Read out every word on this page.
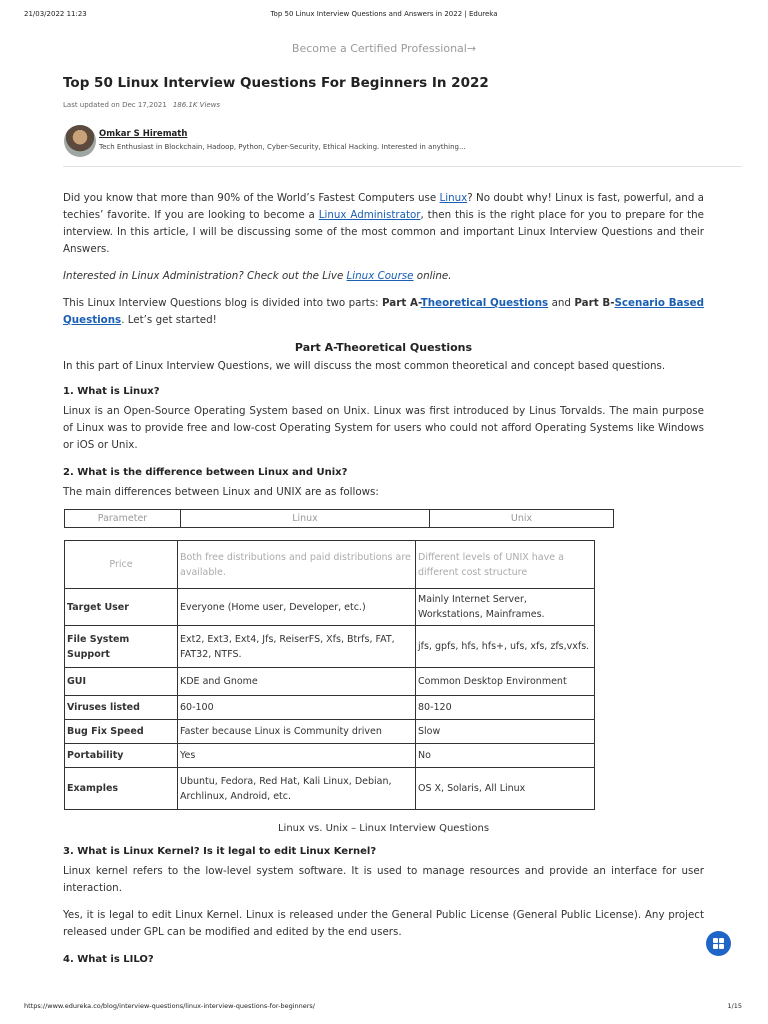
21/03/2022 11:23	Top 50 Linux Interview Questions and Answers in 2022 | Edureka
Become a Certified Professional→
Top 50 Linux Interview Questions For Beginners In 2022
Last updated on Dec 17,2021 186.1K Views
Omkar S Hiremath
Tech Enthusiast in Blockchain, Hadoop, Python, Cyber-Security, Ethical Hacking. Interested in anything...

Did you know that more than 90% of the World’s Fastest Computers use Linux? No doubt why! Linux is fast, powerful, and a techies’ favorite. If you are looking to become a Linux Administrator, then this is the right place for you to prepare for the interview. In this article, I will be discussing some of the most common and important Linux Interview Questions and their Answers.

Interested in Linux Administration? Check out the Live Linux Course online.

This Linux Interview Questions blog is divided into two parts: Part A-Theoretical Questions and Part B-Scenario Based Questions. Let’s get started!

Part A-Theoretical Questions
In this part of Linux Interview Questions, we will discuss the most common theoretical and concept based questions.
1. What is Linux?

Linux is an Open-Source Operating System based on Unix. Linux was first introduced by Linus Torvalds. The main purpose of Linux was to provide free and low-cost Operating System for users who could not afford Operating Systems like Windows or iOS or Unix.

2. What is the difference between Linux and Unix?
The main differences between Linux and UNIX are as follows:
Parameter	Linux	Unix
Price	Both free distributions and paid distributions are available.	Different levels of UNIX have a different cost structure
Target User	Everyone (Home user, Developer, etc.)	Mainly Internet Server, Workstations, Mainframes.
File System Support	Ext2, Ext3, Ext4, Jfs, ReiserFS, Xfs, Btrfs, FAT, FAT32, NTFS.	jfs, gpfs, hfs, hfs+, ufs, xfs, zfs,vxfs.
GUI	KDE and Gnome	Common Desktop Environment
Viruses listed	60-100	80-120
Bug Fix Speed	Faster because Linux is Community driven	Slow
Portability	Yes	No
Examples	Ubuntu, Fedora, Red Hat, Kali Linux, Debian, Archlinux, Android, etc.	OS X, Solaris, All Linux
Linux vs. Unix – Linux Interview Questions
3. What is Linux Kernel? Is it legal to edit Linux Kernel?

Linux kernel refers to the low-level system software. It is used to manage resources and provide an interface for user interaction.

Yes, it is legal to edit Linux Kernel. Linux is released under the General Public License (General Public License). Any project released under GPL can be modified and edited by the end users.

4. What is LILO?
https://www.edureka.co/blog/interview-questions/linux-interview-questions-for-beginners/	1/15
